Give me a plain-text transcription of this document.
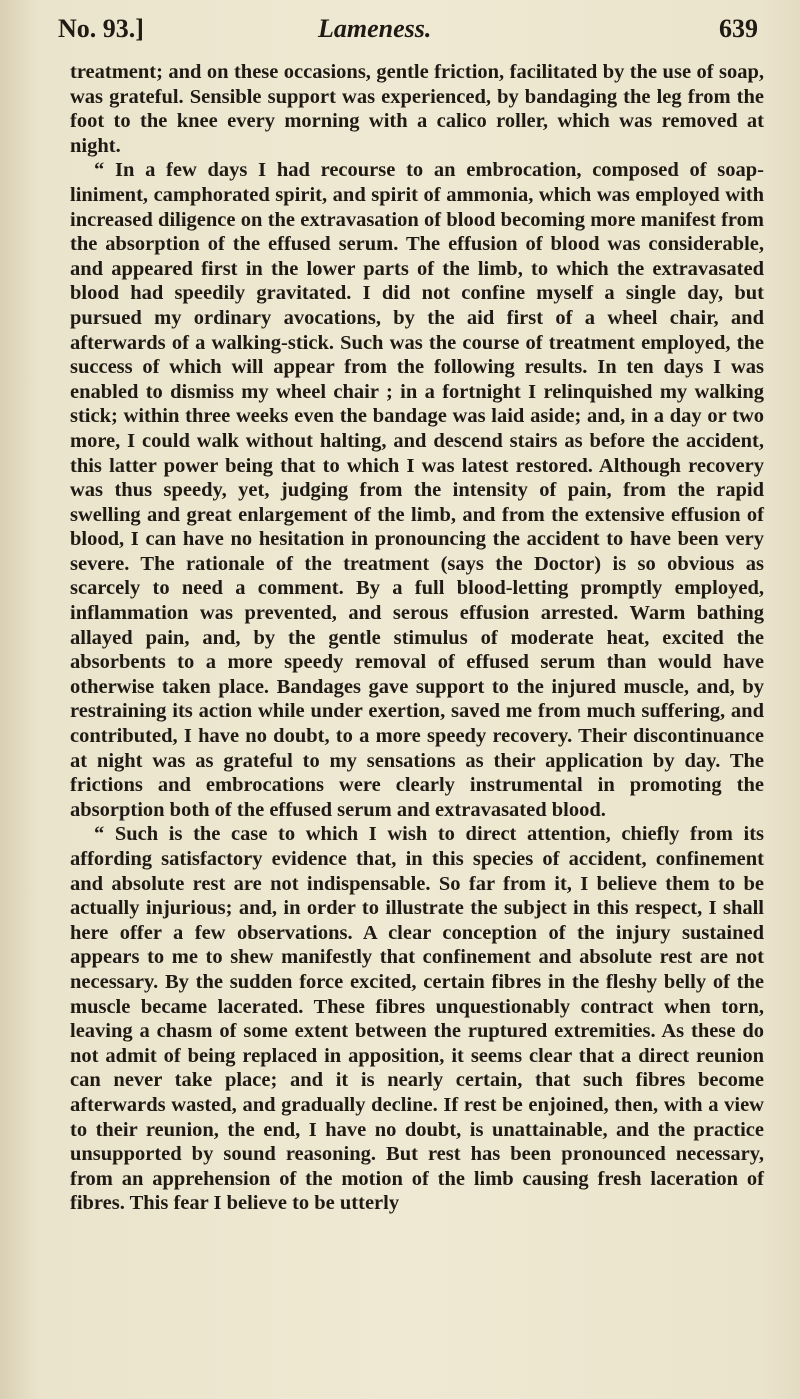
No. 93.]	Lameness.	639

treatment; and on these occasions, gentle friction, facilitated by the use of soap, was grateful. Sensible support was experienced, by bandaging the leg from the foot to the knee every morning with a calico roller, which was removed at night.

“ In a few days I had recourse to an embrocation, composed of soap-liniment, camphorated spirit, and spirit of ammonia, which was employed with increased diligence on the extravasation of blood becoming more manifest from the absorption of the effused serum. The effusion of blood was considerable, and appeared first in the lower parts of the limb, to which the extravasated blood had speedily gravitated. I did not confine myself a single day, but pursued my ordinary avocations, by the aid first of a wheel chair, and afterwards of a walking-stick. Such was the course of treatment employed, the success of which will appear from the following results. In ten days I was enabled to dismiss my wheel chair ; in a fortnight I relinquished my walking stick; within three weeks even the bandage was laid aside; and, in a day or two more, I could walk without halting, and descend stairs as before the accident, this latter power being that to which I was latest restored. Although recovery was thus speedy, yet, judging from the intensity of pain, from the rapid swelling and great enlargement of the limb, and from the extensive effusion of blood, I can have no hesitation in pronouncing the accident to have been very severe. The rationale of the treatment (says the Doctor) is so obvious as scarcely to need a comment. By a full blood-letting promptly employed, inflammation was prevented, and serous effusion arrested. Warm bathing allayed pain, and, by the gentle stimulus of moderate heat, excited the absorbents to a more speedy removal of effused serum than would have otherwise taken place. Bandages gave support to the injured muscle, and, by restraining its action while under exertion, saved me from much suffering, and contributed, I have no doubt, to a more speedy recovery. Their discontinuance at night was as grateful to my sensations as their application by day. The frictions and embrocations were clearly instrumental in promoting the absorption both of the effused serum and extravasated blood.

“ Such is the case to which I wish to direct attention, chiefly from its affording satisfactory evidence that, in this species of accident, confinement and absolute rest are not indispensable. So far from it, I believe them to be actually injurious; and, in order to illustrate the subject in this respect, I shall here offer a few observations. A clear conception of the injury sustained appears to me to shew manifestly that confinement and absolute rest are not necessary. By the sudden force excited, certain fibres in the fleshy belly of the muscle became lacerated. These fibres unquestionably contract when torn, leaving a chasm of some extent between the ruptured extremities. As these do not admit of being replaced in apposition, it seems clear that a direct reunion can never take place; and it is nearly certain, that such fibres become afterwards wasted, and gradually decline. If rest be enjoined, then, with a view to their reunion, the end, I have no doubt, is unattainable, and the practice unsupported by sound reasoning. But rest has been pronounced necessary, from an apprehension of the motion of the limb causing fresh laceration of fibres. This fear I believe to be utterly
